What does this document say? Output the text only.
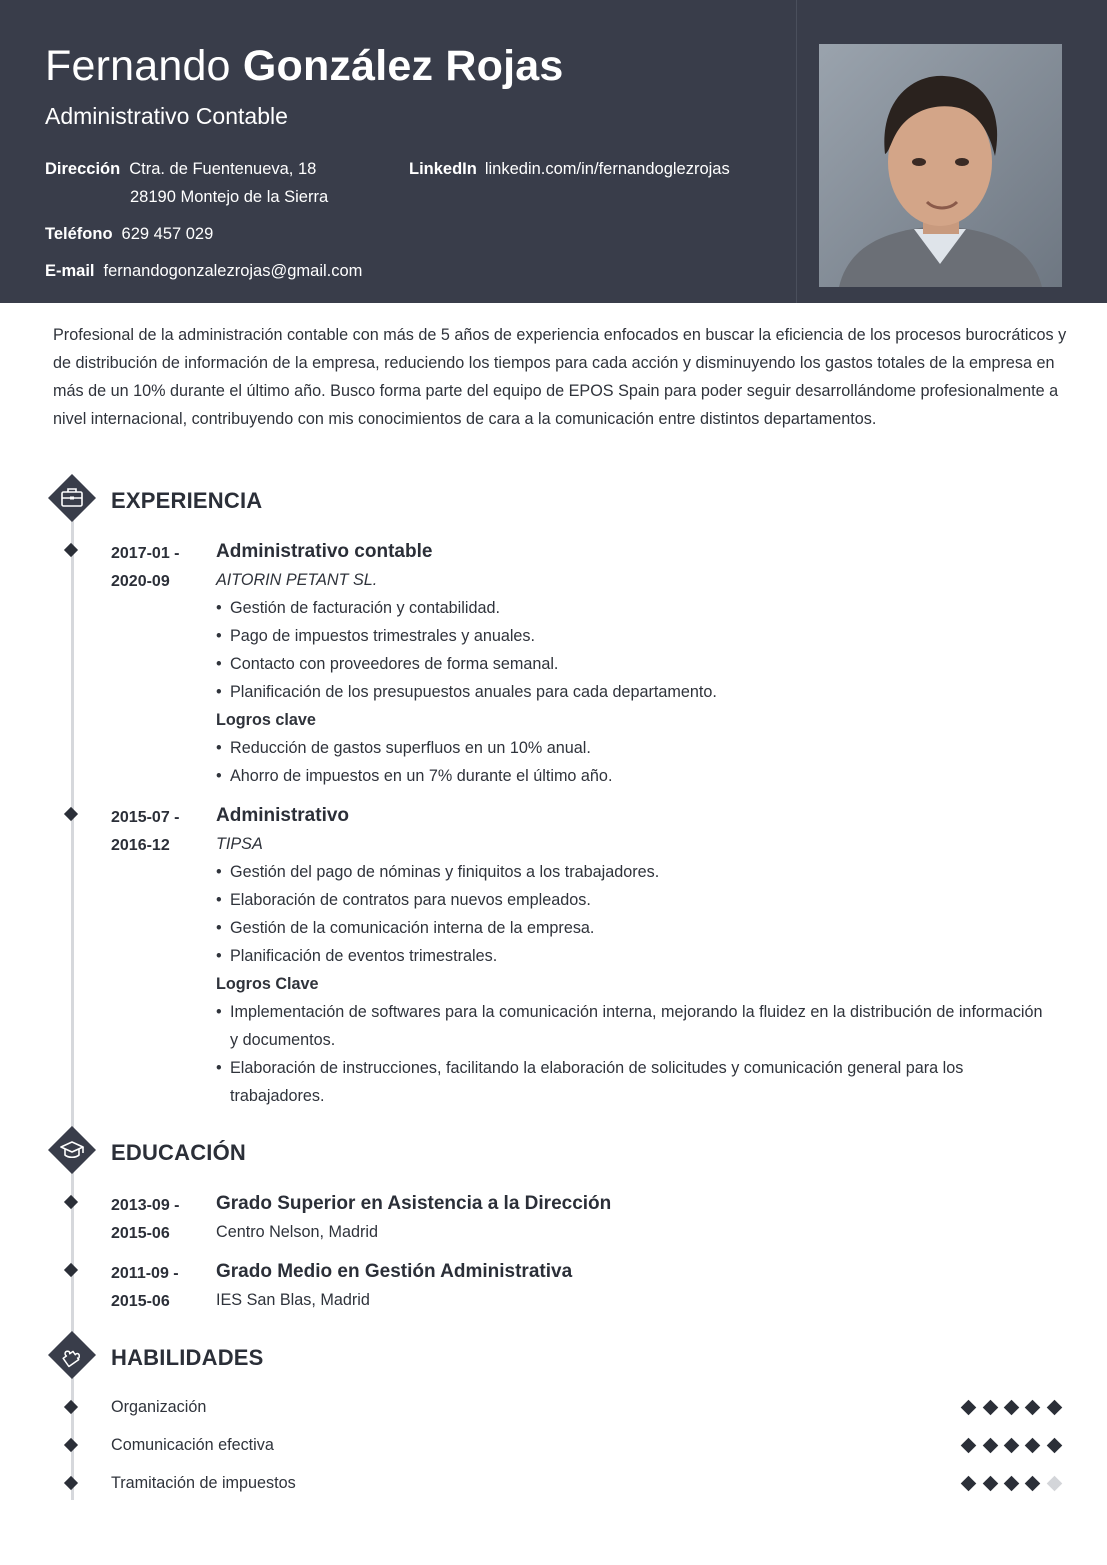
Fernando González Rojas
Administrativo Contable
Dirección Ctra. de Fuentenueva, 18
28190 Montejo de la Sierra
Teléfono 629 457 029
E-mail fernandogonzalezrojas@gmail.com
LinkedIn linkedin.com/in/fernandoglezrojas
Profesional de la administración contable con más de 5 años de experiencia enfocados en buscar la eficiencia de los procesos burocráticos y de distribución de información de la empresa, reduciendo los tiempos para cada acción y disminuyendo los gastos totales de la empresa en más de un 10% durante el último año. Busco forma parte del equipo de EPOS Spain para poder seguir desarrollándome profesionalmente a nivel internacional, contribuyendo con mis conocimientos de cara a la comunicación entre distintos departamentos.
EXPERIENCIA
2017-01 -
2020-09
Administrativo contable
AITORIN PETANT SL.
• Gestión de facturación y contabilidad.
• Pago de impuestos trimestrales y anuales.
• Contacto con proveedores de forma semanal.
• Planificación de los presupuestos anuales para cada departamento.
Logros clave
• Reducción de gastos superfluos en un 10% anual.
• Ahorro de impuestos en un 7% durante el último año.
2015-07 -
2016-12
Administrativo
TIPSA
• Gestión del pago de nóminas y finiquitos a los trabajadores.
• Elaboración de contratos para nuevos empleados.
• Gestión de la comunicación interna de la empresa.
• Planificación de eventos trimestrales.
Logros Clave
• Implementación de softwares para la comunicación interna, mejorando la fluidez en la distribución de información y documentos.
• Elaboración de instrucciones, facilitando la elaboración de solicitudes y comunicación general para los trabajadores.
EDUCACIÓN
2013-09 -
2015-06
Grado Superior en Asistencia a la Dirección
Centro Nelson, Madrid
2011-09 -
2015-06
Grado Medio en Gestión Administrativa
IES San Blas, Madrid
HABILIDADES
Organización
Comunicación efectiva
Tramitación de impuestos
